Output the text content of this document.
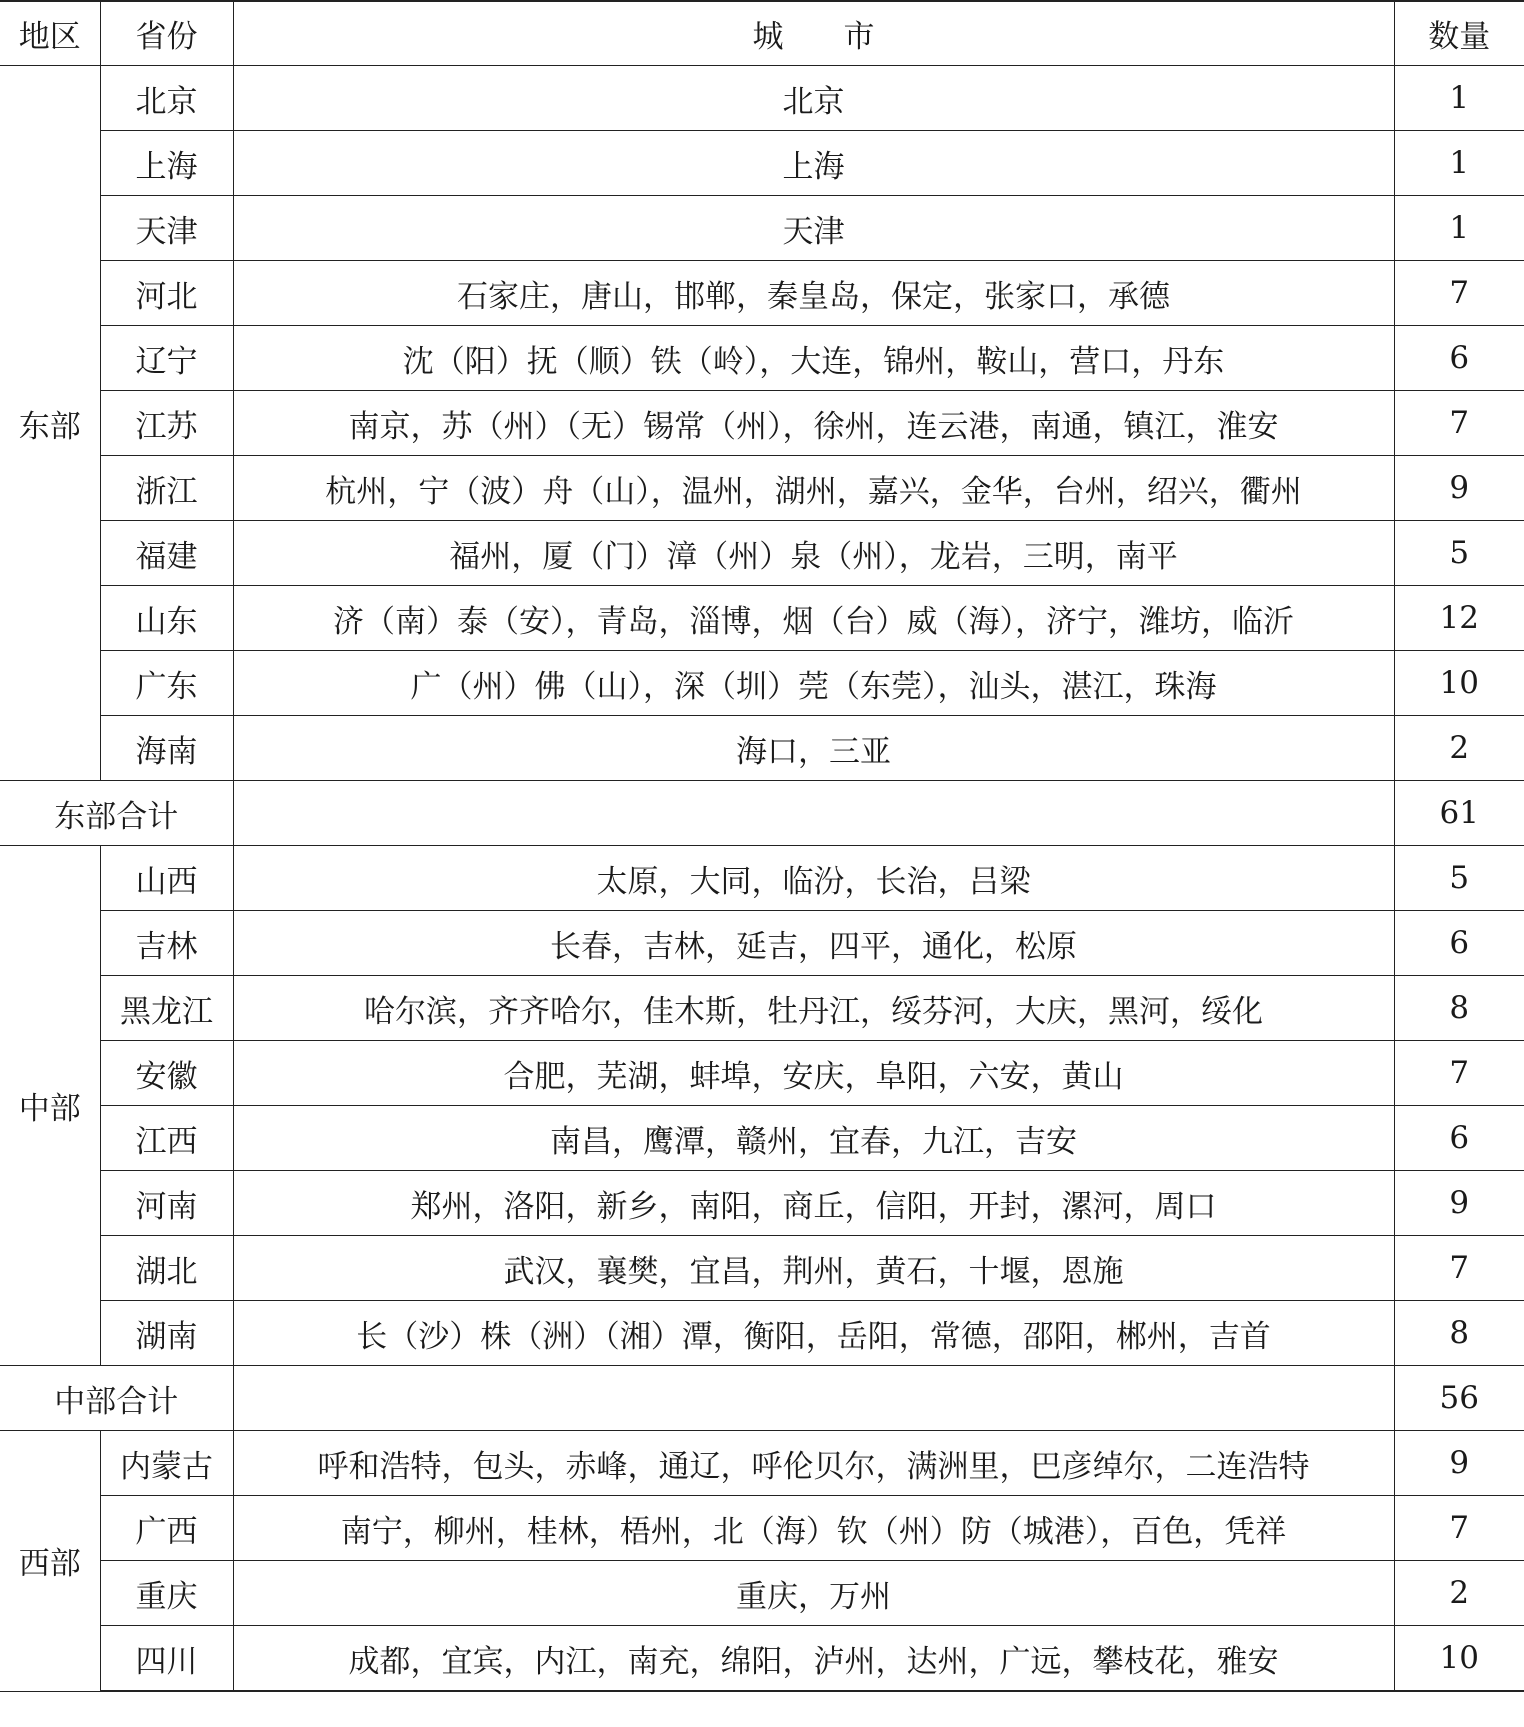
地区	省份	城 市	数量
东部	北京	北京	1
	上海	上海	1
	天津	天津	1
	河北	石家庄，唐山，邯郸，秦皇岛，保定，张家口，承德	7
	辽宁	沈（阳）抚（顺）铁（岭），大连，锦州，鞍山，营口，丹东	6
	江苏	南京，苏（州）（无）锡常（州），徐州，连云港，南通，镇江，淮安	7
	浙江	杭州，宁（波）舟（山），温州，湖州，嘉兴，金华，台州，绍兴，衢州	9
	福建	福州，厦（门）漳（州）泉（州），龙岩，三明，南平	5
	山东	济（南）泰（安），青岛，淄博，烟（台）威（海），济宁，潍坊，临沂	12
	广东	广（州）佛（山），深（圳）莞（东莞），汕头，湛江，珠海	10
	海南	海口，三亚	2
东部合计			61
中部	山西	太原，大同，临汾，长治，吕梁	5
	吉林	长春，吉林，延吉，四平，通化，松原	6
	黑龙江	哈尔滨，齐齐哈尔，佳木斯，牡丹江，绥芬河，大庆，黑河，绥化	8
	安徽	合肥，芜湖，蚌埠，安庆，阜阳，六安，黄山	7
	江西	南昌，鹰潭，赣州，宜春，九江，吉安	6
	河南	郑州，洛阳，新乡，南阳，商丘，信阳，开封，漯河，周口	9
	湖北	武汉，襄樊，宜昌，荆州，黄石，十堰，恩施	7
	湖南	长（沙）株（洲）（湘）潭，衡阳，岳阳，常德，邵阳，郴州，吉首	8
中部合计			56
西部	内蒙古	呼和浩特，包头，赤峰，通辽，呼伦贝尔，满洲里，巴彦绰尔，二连浩特	9
	广西	南宁，柳州，桂林，梧州，北（海）钦（州）防（城港），百色，凭祥	7
	重庆	重庆，万州	2
	四川	成都，宜宾，内江，南充，绵阳，泸州，达州，广远，攀枝花，雅安	10
